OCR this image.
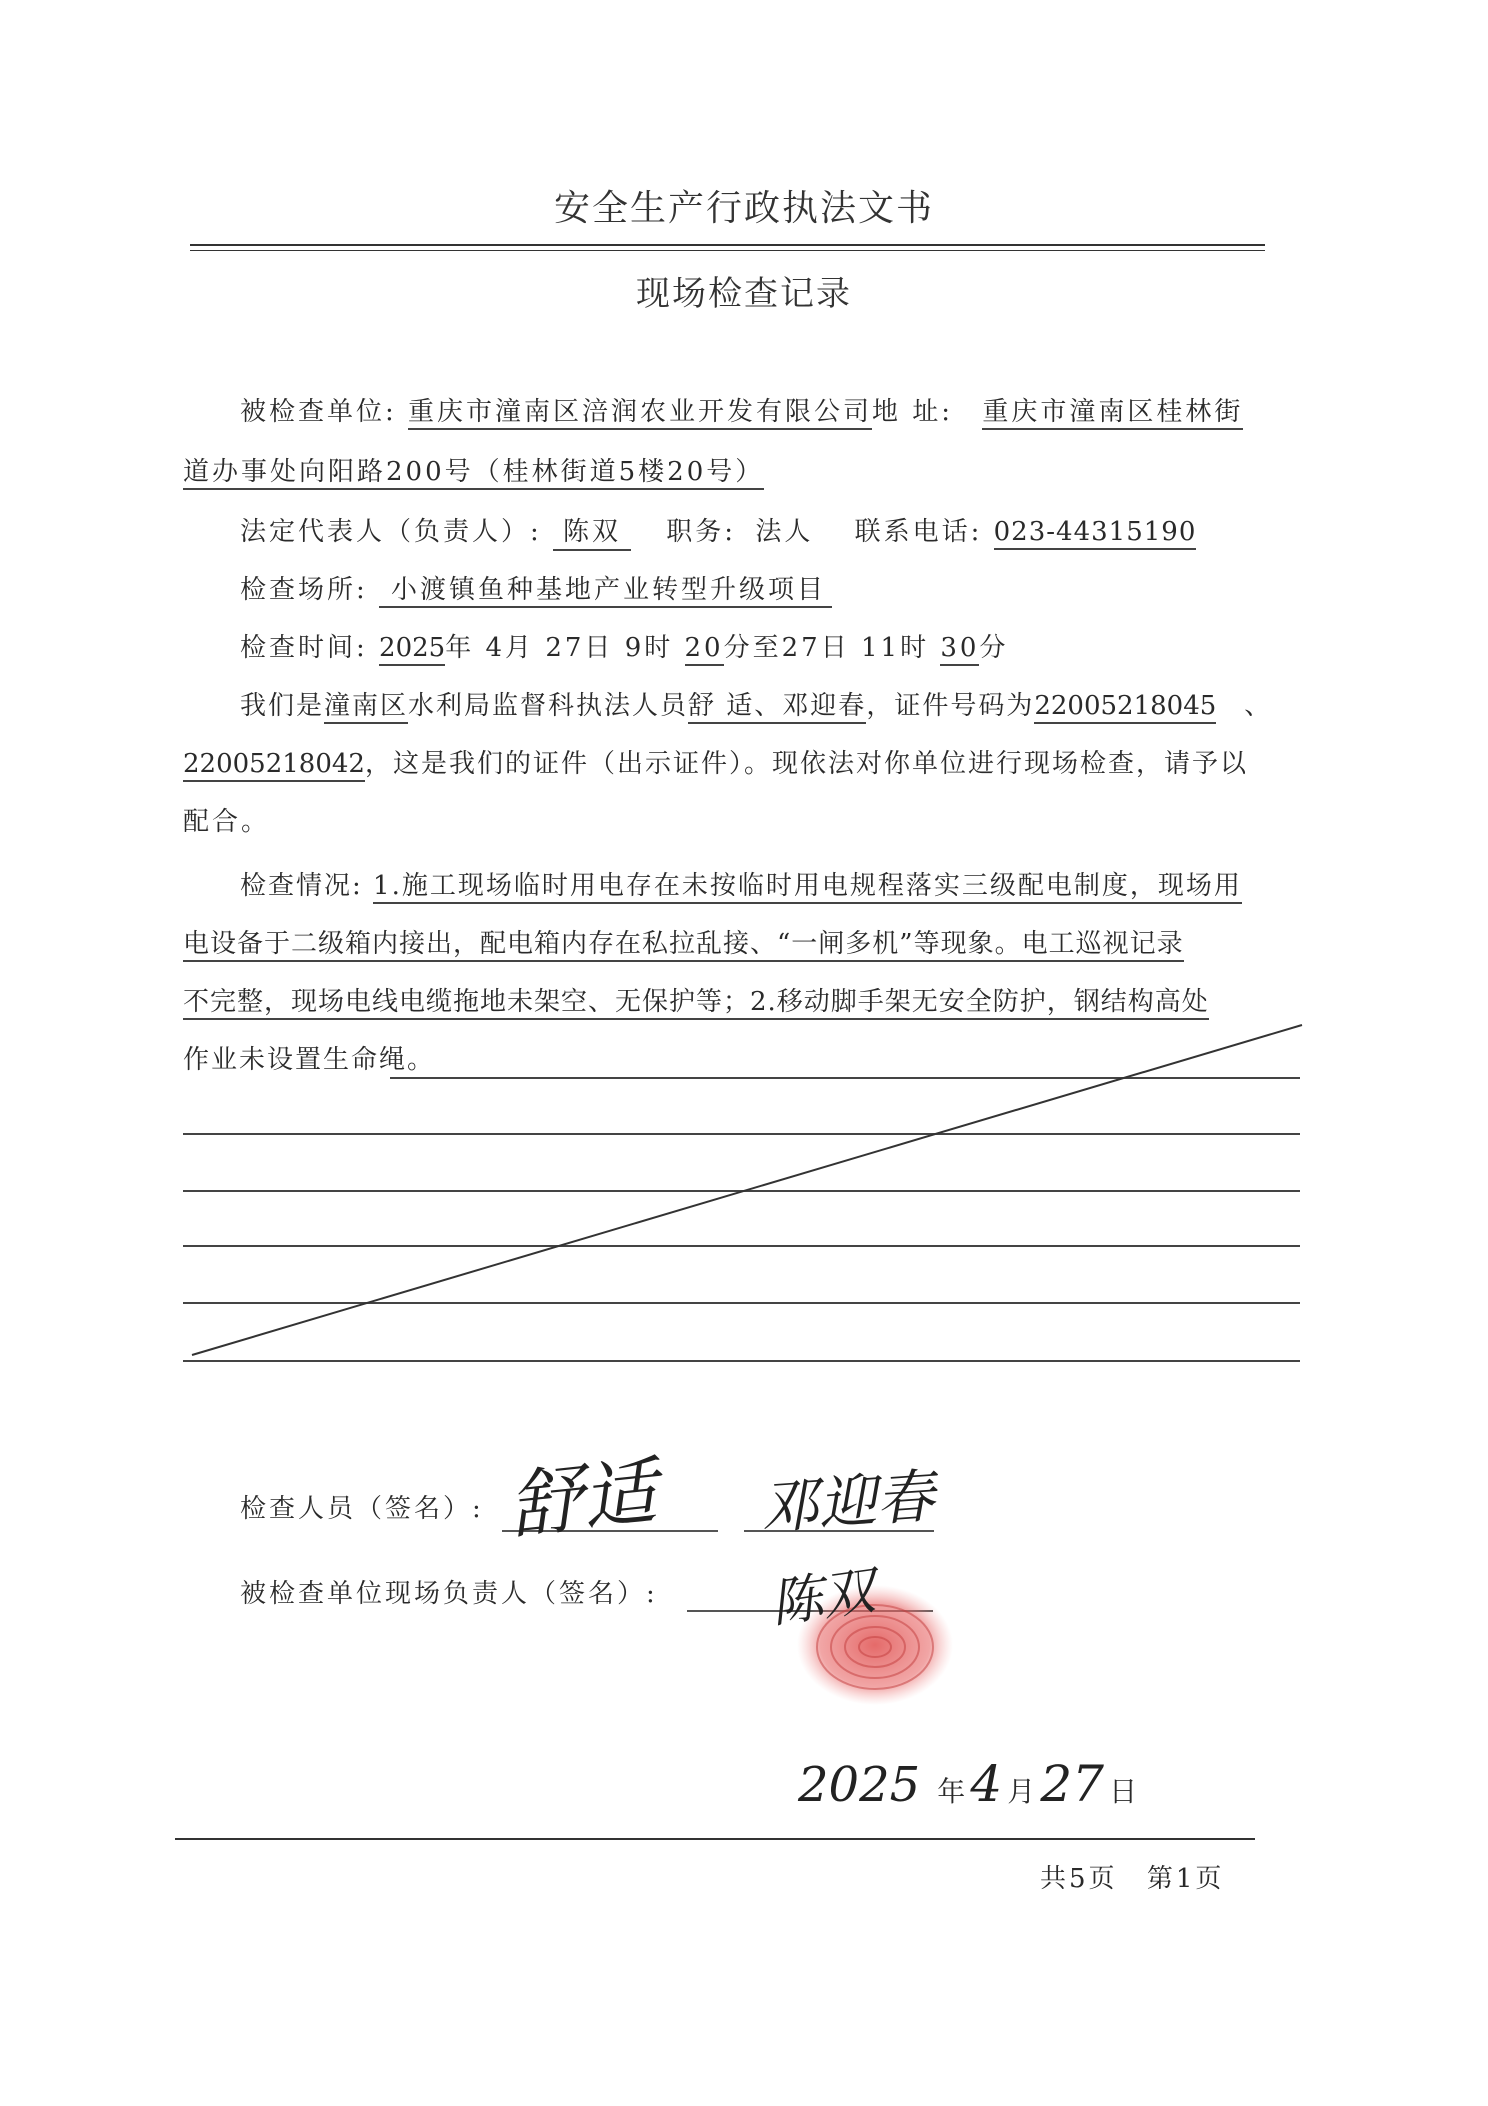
安全生产行政执法文书
现场检查记录
被检查单位: 重庆市潼南区涪润农业开发有限公司地 址: 重庆市潼南区桂林街
道办事处向阳路200号（桂林街道5楼20号）
法定代表人（负责人）: 陈双 职务: 法人 联系电话: 023-44315190
检查场所: 小渡镇鱼种基地产业转型升级项目
检查时间: 2025年 4月 27日 9时 20分至27日 11时 30分
我们是潼南区水利局监督科执法人员舒 适、邓迎春，证件号码为22005218045 、
22005218042，这是我们的证件（出示证件）。现依法对你单位进行现场检查，请予以
配合。
检查情况: 1.施工现场临时用电存在未按临时用电规程落实三级配电制度，现场用
电设备于二级箱内接出，配电箱内存在私拉乱接、“一闸多机”等现象。电工巡视记录
不完整，现场电线电缆拖地未架空、无保护等；2.移动脚手架无安全防护，钢结构高处
作业未设置生命绳。
检查人员（签名）: 舒适 邓迎春
被检查单位现场负责人（签名）: 陈双
2025 年 4 月 27 日
共5页 第1页
